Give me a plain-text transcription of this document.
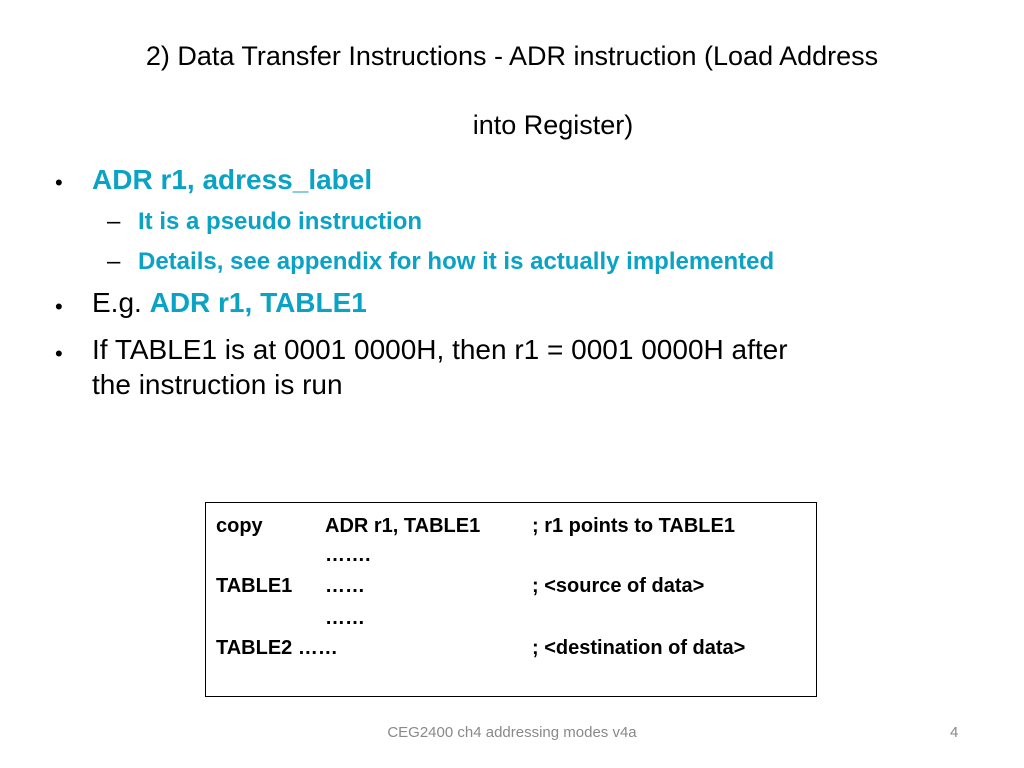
2) Data Transfer Instructions - ADR instruction (Load Address
into Register)
• ADR r1, adress_label
– It is a pseudo instruction
– Details, see appendix for how it is actually implemented
• E.g. ADR r1, TABLE1
• If TABLE1 is at 0001 0000H, then r1 = 0001 0000H after
the instruction is run
copy	ADR r1, TABLE1	; r1 points to TABLE1
…….
TABLE1 ……	; <source of data>
……
TABLE2 ……	; <destination of data>
CEG2400 ch4 addressing modes v4a	4
